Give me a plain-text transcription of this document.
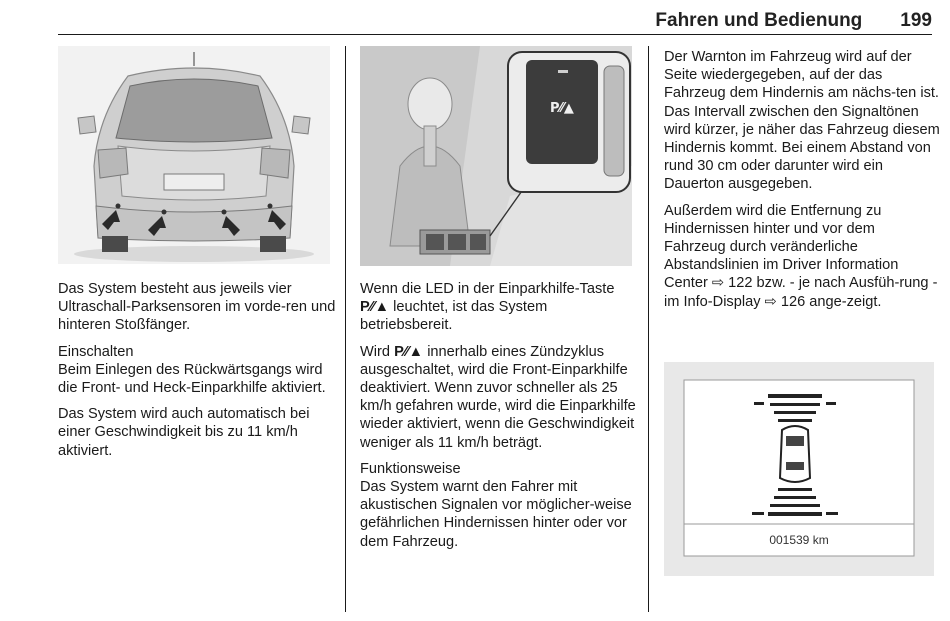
Fahren und Bedienung 199
P⁄⁄▲
001539 km

Das System besteht aus jeweils vier Ultraschall-Parksensoren im vorde-ren und hinteren Stoßfänger.

Einschalten

Beim Einlegen des Rückwärtsgangs wird die Front- und Heck-Einparkhilfe aktiviert.

Das System wird auch automatisch bei einer Geschwindigkeit bis zu 11 km/h aktiviert.

Wenn die LED in der Einparkhilfe-Taste P⁄⁄▲ leuchtet, ist das System betriebsbereit.

Wird P⁄⁄▲ innerhalb eines Zündzyklus ausgeschaltet, wird die Front-Einparkhilfe deaktiviert. Wenn zuvor schneller als 25 km/h gefahren wurde, wird die Einparkhilfe wieder aktiviert, wenn die Geschwindigkeit weniger als 11 km/h beträgt.

Funktionsweise

Das System warnt den Fahrer mit akustischen Signalen vor möglicher-weise gefährlichen Hindernissen hinter oder vor dem Fahrzeug.

Der Warnton im Fahrzeug wird auf der Seite wiedergegeben, auf der das Fahrzeug dem Hindernis am nächs-ten ist. Das Intervall zwischen den Signaltönen wird kürzer, je näher das Fahrzeug diesem Hindernis kommt. Bei einem Abstand von rund 30 cm oder darunter wird ein Dauerton ausgegeben.

Außerdem wird die Entfernung zu Hindernissen hinter und vor dem Fahrzeug durch veränderliche Abstandslinien im Driver Information Center ⇨ 122 bzw. - je nach Ausfüh-rung - im Info-Display ⇨ 126 ange-zeigt.
